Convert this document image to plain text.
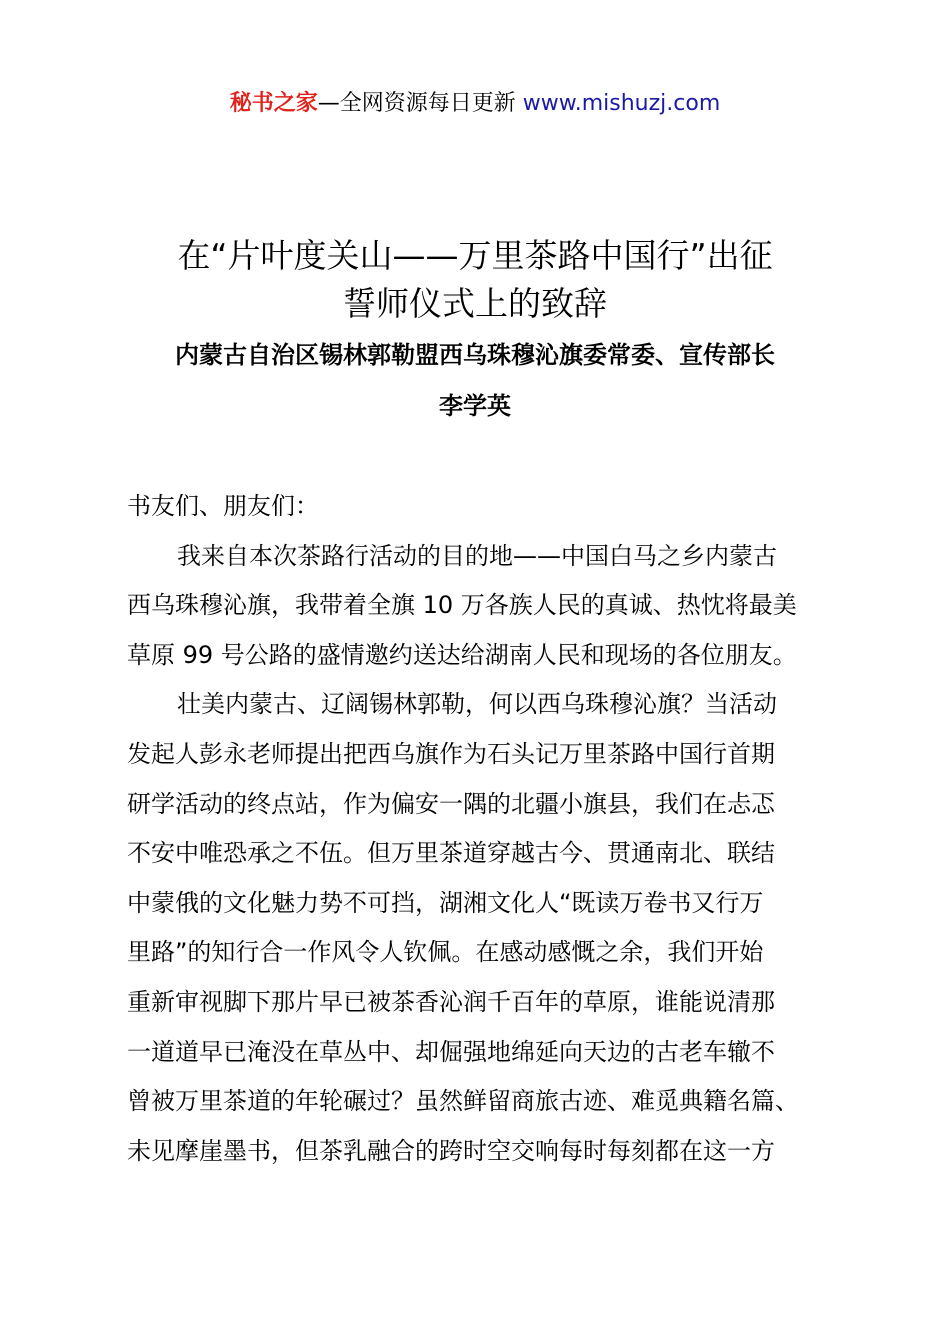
秘书之家—全网资源每日更新 www.mishuzj.com
在“片叶度关山——万里茶路中国行”出征
誓师仪式上的致辞
内蒙古自治区锡林郭勒盟西乌珠穆沁旗委常委、宣传部长
李学英
书友们、朋友们：
我来自本次茶路行活动的目的地——中国白马之乡内蒙古
西乌珠穆沁旗，我带着全旗 10 万各族人民的真诚、热忱将最美
草原 99 号公路的盛情邀约送达给湖南人民和现场的各位朋友。
壮美内蒙古、辽阔锡林郭勒，何以西乌珠穆沁旗？当活动
发起人彭永老师提出把西乌旗作为石头记万里茶路中国行首期
研学活动的终点站，作为偏安一隅的北疆小旗县，我们在忐忑
不安中唯恐承之不伍。但万里茶道穿越古今、贯通南北、联结
中蒙俄的文化魅力势不可挡，湖湘文化人“既读万卷书又行万
里路”的知行合一作风令人钦佩。在感动感慨之余，我们开始
重新审视脚下那片早已被茶香沁润千百年的草原，谁能说清那
一道道早已淹没在草丛中、却倔强地绵延向天边的古老车辙不
曾被万里茶道的年轮碾过？虽然鲜留商旅古迹、难觅典籍名篇、
未见摩崖墨书，但茶乳融合的跨时空交响每时每刻都在这一方
